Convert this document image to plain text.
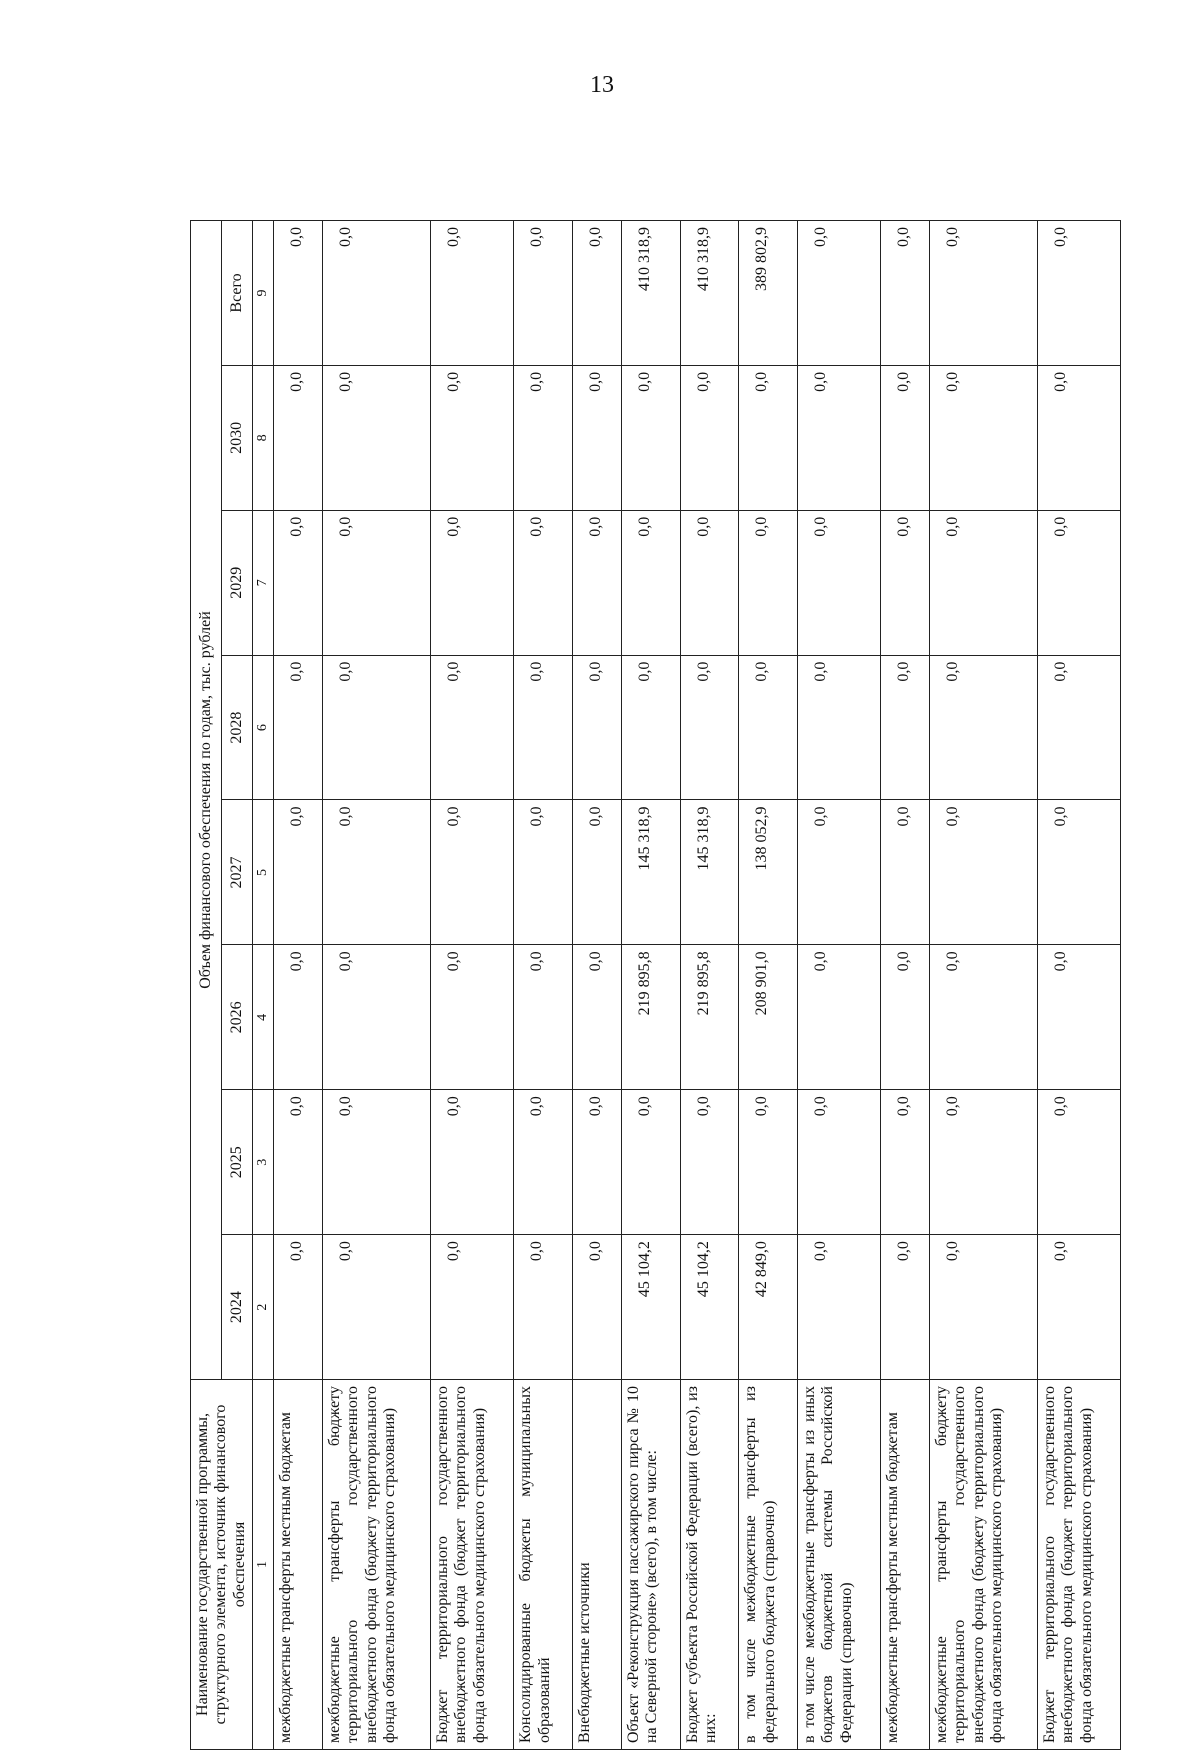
13
Наименование государственной программы, структурного элемента, источник финансового обеспечения	Объем финансового обеспечения по годам, тыс. рублей							
	2024	2025	2026	2027	2028	2029	2030	Всего
1	2	3	4	5	6	7	8	9
межбюджетные трансферты местным бюджетам	0,0	0,0	0,0	0,0	0,0	0,0	0,0	0,0
межбюджетные трансферты бюджету территориального государственного внебюджетного фонда (бюджету территориального фонда обязательного медицинского страхования)	0,0	0,0	0,0	0,0	0,0	0,0	0,0	0,0
Бюджет территориального государственного внебюджетного фонда (бюджет территориального фонда обязательного медицинского страхования)	0,0	0,0	0,0	0,0	0,0	0,0	0,0	0,0
Консолидированные бюджеты муниципальных образований	0,0	0,0	0,0	0,0	0,0	0,0	0,0	0,0
Внебюджетные источники	0,0	0,0	0,0	0,0	0,0	0,0	0,0	0,0
Объект «Реконструкция пассажирского пирса № 10 на Северной стороне» (всего), в том числе:	45 104,2	0,0	219 895,8	145 318,9	0,0	0,0	0,0	410 318,9
Бюджет субъекта Российской Федерации (всего), из них:	45 104,2	0,0	219 895,8	145 318,9	0,0	0,0	0,0	410 318,9
в том числе межбюджетные трансферты из федерального бюджета (справочно)	42 849,0	0,0	208 901,0	138 052,9	0,0	0,0	0,0	389 802,9
в том числе межбюджетные трансферты из иных бюджетов бюджетной системы Российской Федерации (справочно)	0,0	0,0	0,0	0,0	0,0	0,0	0,0	0,0
межбюджетные трансферты местным бюджетам	0,0	0,0	0,0	0,0	0,0	0,0	0,0	0,0
межбюджетные трансферты бюджету территориального государственного внебюджетного фонда (бюджету территориального фонда обязательного медицинского страхования)	0,0	0,0	0,0	0,0	0,0	0,0	0,0	0,0
Бюджет территориального государственного внебюджетного фонда (бюджет территориального фонда обязательного медицинского страхования)	0,0	0,0	0,0	0,0	0,0	0,0	0,0	0,0
